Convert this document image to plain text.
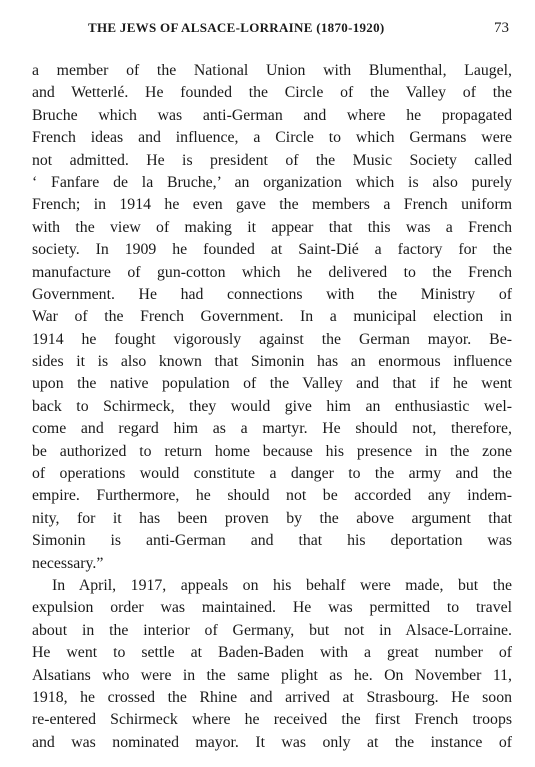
THE JEWS OF ALSACE-LORRAINE (1870-1920)	73
a member of the National Union with Blumenthal, Laugel,
and Wetterlé. He founded the Circle of the Valley of the
Bruche which was anti-German and where he propagated
French ideas and influence, a Circle to which Germans were
not admitted. He is president of the Music Society called
‘ Fanfare de la Bruche,’ an organization which is also purely
French; in 1914 he even gave the members a French uniform
with the view of making it appear that this was a French
society. In 1909 he founded at Saint-Dié a factory for the
manufacture of gun-cotton which he delivered to the French
Government. He had connections with the Ministry of
War of the French Government. In a municipal election in
1914 he fought vigorously against the German mayor. Be-
sides it is also known that Simonin has an enormous influence
upon the native population of the Valley and that if he went
back to Schirmeck, they would give him an enthusiastic wel-
come and regard him as a martyr. He should not, therefore,
be authorized to return home because his presence in the zone
of operations would constitute a danger to the army and the
empire. Furthermore, he should not be accorded any indem-
nity, for it has been proven by the above argument that
Simonin is anti-German and that his deportation was
necessary.”
In April, 1917, appeals on his behalf were made, but the
expulsion order was maintained. He was permitted to travel
about in the interior of Germany, but not in Alsace-Lorraine.
He went to settle at Baden-Baden with a great number of
Alsatians who were in the same plight as he. On November 11,
1918, he crossed the Rhine and arrived at Strasbourg. He soon
re-entered Schirmeck where he received the first French troops
and was nominated mayor. It was only at the instance of
